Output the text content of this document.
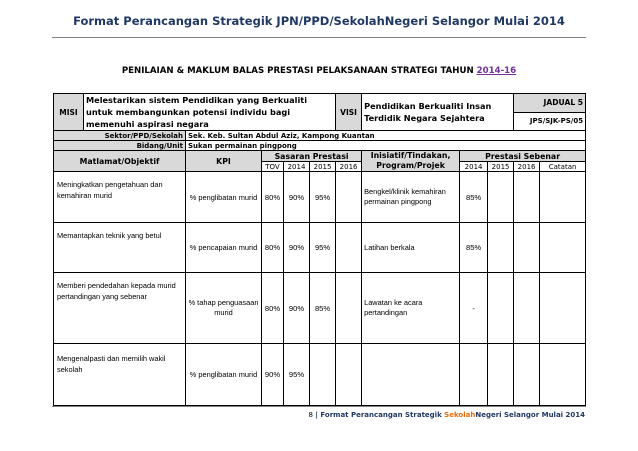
Format Perancangan Strategik JPN/PPD/SekolahNegeri Selangor Mulai 2014
PENILAIAN & MAKLUM BALAS PRESTASI PELAKSANAAN STRATEGI TAHUN 2014-16
MISI	Melestarikan sistem Pendidikan yang Berkualiti untuk membangunkan potensi individu bagi memenuhi aspirasi negara					VISI	Pendidikan Berkualiti Insan Terdidik Negara Sejahtera			JADUAL 5	
										JPS/SJK-PS/05	
Sektor/PPD/Sekolah		Sek. Keb. Sultan Abdul Aziz, Kampong Kuantan									
Bidang/Unit		Sukan permainan pingpong									
Matlamat/Objektif		KPI	Sasaran Prestasi				Inisiatif/Tindakan, Program/Projek	Prestasi Sebenar			
			TOV	2014	2015	2016		2014	2015	2016	Catatan
Meningkatkan pengetahuan dan kemahiran murid		% penglibatan murid	80%	90%	95%		Bengkel/klinik kemahiran permainan pingpong	85%			
Memantapkan teknik yang betul		% pencapaian murid	80%	90%	95%		Latihan berkala	85%			
Memberi pendedahan kepada murid pertandingan yang sebenar		% tahap penguasaan murid	80%	90%	85%		Lawatan ke acara pertandingan	-			
Mengenalpasti dan memilih wakil sekolah		% penglibatan murid	90%	95%							
8 | Format Perancangan Strategik SekolahNegeri Selangor Mulai 2014
